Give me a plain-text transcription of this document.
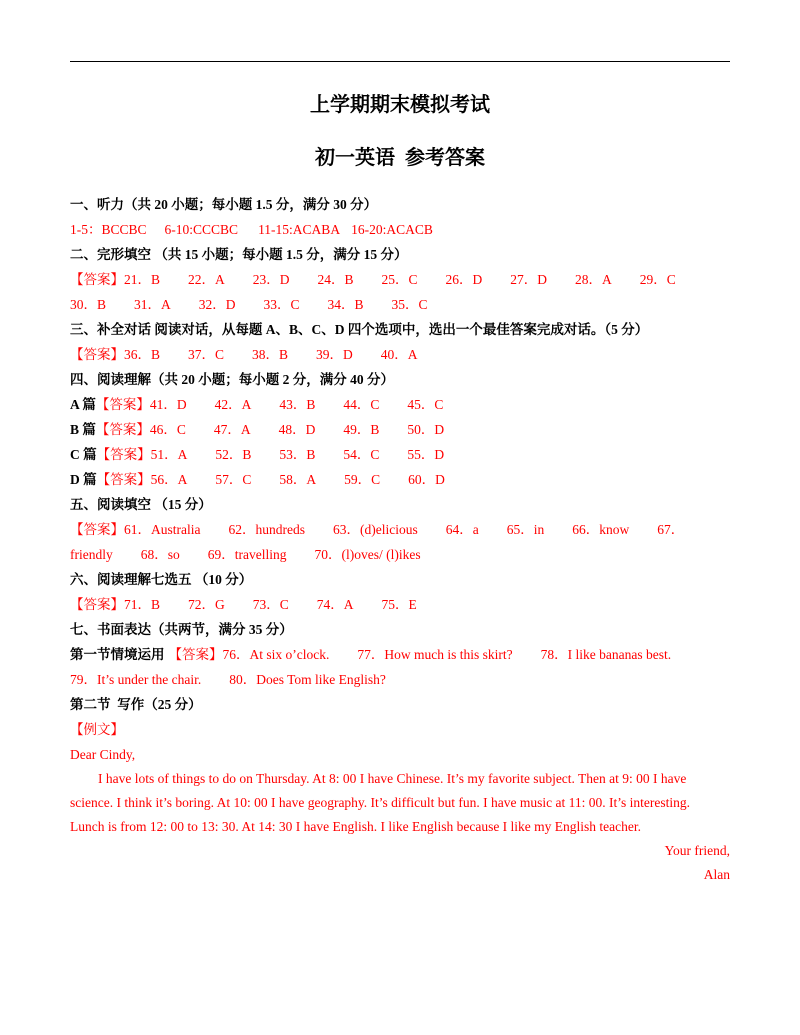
上学期期末模拟考试
初一英语  参考答案
一、听力（共 20 小题；每小题 1.5 分，满分 30 分）
1-5：BCCBC 6-10:CCCBC 11-15:ACABA 16-20:ACACB
二、完形填空 （共 15 小题；每小题 1.5 分，满分 15 分）
【答案】 21．B 22．A 23．D 24．B 25．C 26．D 27．D 28．A 29．C
30．B 31．A 32．D 33．C 34．B 35．C
三、补全对话 阅读对话，从每题 A、B、C、D 四个选项中，选出一个最佳答案完成对话。（5 分）
【答案】 36．B 37．C 38．B 39．D 40．A
四、阅读理解（共 20 小题；每小题 2 分，满分 40 分）
A 篇 【答案】 41．D 42．A 43．B 44．C 45．C
B 篇 【答案】 46．C 47．A 48．D 49．B 50．D
C 篇 【答案】 51．A 52．B 53．B 54．C 55．D
D 篇 【答案】 56．A 57．C 58．A 59．C 60．D
五、阅读填空 （15 分）
【答案】 61．Australia 62．hundreds 63．(d)elicious 64．a 65．in 66．know 67．
friendly 68．so 69．travelling 70．(l)oves/ (l)ikes
六、阅读理解七选五 （10 分）
【答案】 71．B 72．G 73．C 74．A 75．E
七、书面表达（共两节，满分 35 分）
第一节情境运用 【答案】 76．At six o’clock. 77．How much is this skirt? 78．I like bananas best.
79．It’s under the chair. 80．Does Tom like English?
第二节  写作（25 分）
【例文】
Dear Cindy,
I have lots of things to do on Thursday. At 8: 00 I have Chinese. It’s my favorite subject. Then at 9: 00 I have
science. I think it’s boring. At 10: 00 I have geography. It’s difficult but fun. I have music at 11: 00. It’s interesting.
Lunch is from 12: 00 to 13: 30. At 14: 30 I have English. I like English because I like my English teacher.
Your friend,
Alan
